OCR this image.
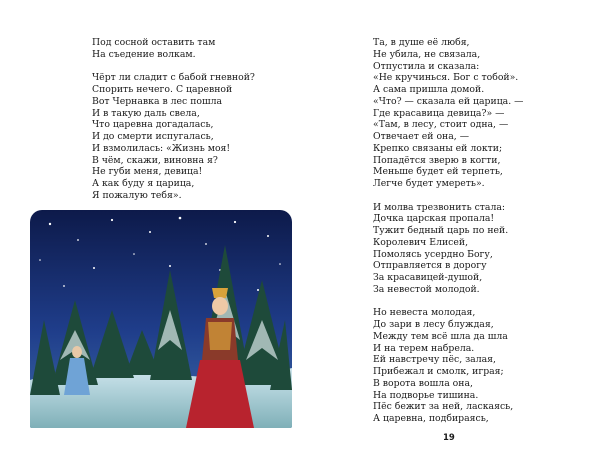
Под сосной оставить там
На съедение волкам.
Чёрт ли сладит с бабой гневной?
Спорить нечего. С царевной
Вот Чернавка в лес пошла
И в такую даль свела,
Что царевна догадалась,
И до смерти испугалась,
И взмолилась: «Жизнь моя!
В чём, скажи, виновна я?
Не губи меня, девица!
А как буду я царица,
Я пожалую тебя».
Та, в душе её любя,
Не убила, не связала,
Отпустила и сказала:
«Не кручинься. Бог с тобой».
А сама пришла домой.
«Что? — сказала ей царица. —
Где красавица девица?» —
«Там, в лесу, стоит одна, —
Отвечает ей она, —
Крепко связаны ей локти;
Попадётся зверю в когти,
Меньше будет ей терпеть,
Легче будет умереть».
И молва трезвонить стала:
Дочка царская пропала!
Тужит бедный царь по ней.
Королевич Елисей,
Помолясь усердно Богу,
Отправляется в дорогу
За красавицей-душой,
За невестой молодой.
Но невеста молодая,
До зари в лесу блуждая,
Между тем всё шла да шла
И на терем набрела.
Ей навстречу пёс, залая,
Прибежал и смолк, играя;
В ворота вошла она,
На подворье тишина.
Пёс бежит за ней, ласкаясь,
А царевна, подбираясь,
19
